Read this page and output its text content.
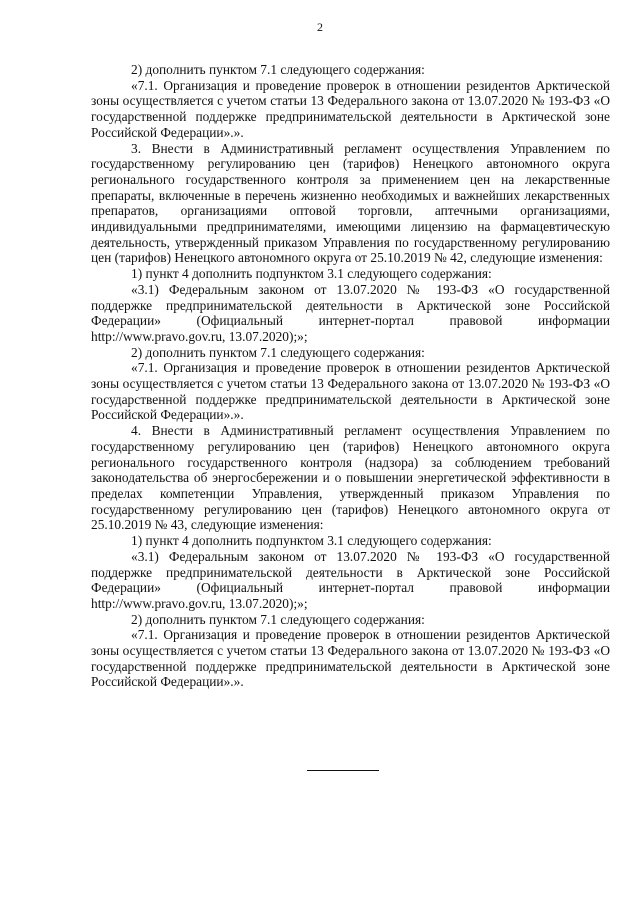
2

2) дополнить пунктом 7.1 следующего содержания:

«7.1. Организация и проведение проверок в отношении резидентов Арктической зоны осуществляется с учетом статьи 13 Федерального закона от 13.07.2020 № 193-ФЗ «О государственной поддержке предпринимательской деятельности в Арктической зоне Российской Федерации».».

3. Внести в Административный регламент осуществления Управлением по государственному регулированию цен (тарифов) Ненецкого автономного округа регионального государственного контроля за применением цен на лекарственные препараты, включенные в перечень жизненно необходимых и важнейших лекарственных препаратов, организациями оптовой торговли, аптечными организациями, индивидуальными предпринимателями, имеющими лицензию на фармацевтическую деятельность, утвержденный приказом Управления по государственному регулированию цен (тарифов) Ненецкого автономного округа от 25.10.2019 № 42, следующие изменения:

1) пункт 4 дополнить подпунктом 3.1 следующего содержания:

«3.1) Федеральным законом от 13.07.2020 № 193-ФЗ «О государственной поддержке предпринимательской деятельности в Арктической зоне Российской Федерации» (Официальный интернет-портал правовой информации http://www.pravo.gov.ru, 13.07.2020);»;

2) дополнить пунктом 7.1 следующего содержания:

«7.1. Организация и проведение проверок в отношении резидентов Арктической зоны осуществляется с учетом статьи 13 Федерального закона от 13.07.2020 № 193-ФЗ «О государственной поддержке предпринимательской деятельности в Арктической зоне Российской Федерации».».

4. Внести в Административный регламент осуществления Управлением по государственному регулированию цен (тарифов) Ненецкого автономного округа регионального государственного контроля (надзора) за соблюдением требований законодательства об энергосбережении и о повышении энергетической эффективности в пределах компетенции Управления, утвержденный приказом Управления по государственному регулированию цен (тарифов) Ненецкого автономного округа от 25.10.2019 № 43, следующие изменения:

1) пункт 4 дополнить подпунктом 3.1 следующего содержания:

«3.1) Федеральным законом от 13.07.2020 № 193-ФЗ «О государственной поддержке предпринимательской деятельности в Арктической зоне Российской Федерации» (Официальный интернет-портал правовой информации http://www.pravo.gov.ru, 13.07.2020);»;

2) дополнить пунктом 7.1 следующего содержания:

«7.1. Организация и проведение проверок в отношении резидентов Арктической зоны осуществляется с учетом статьи 13 Федерального закона от 13.07.2020 № 193-ФЗ «О государственной поддержке предпринимательской деятельности в Арктической зоне Российской Федерации».».
